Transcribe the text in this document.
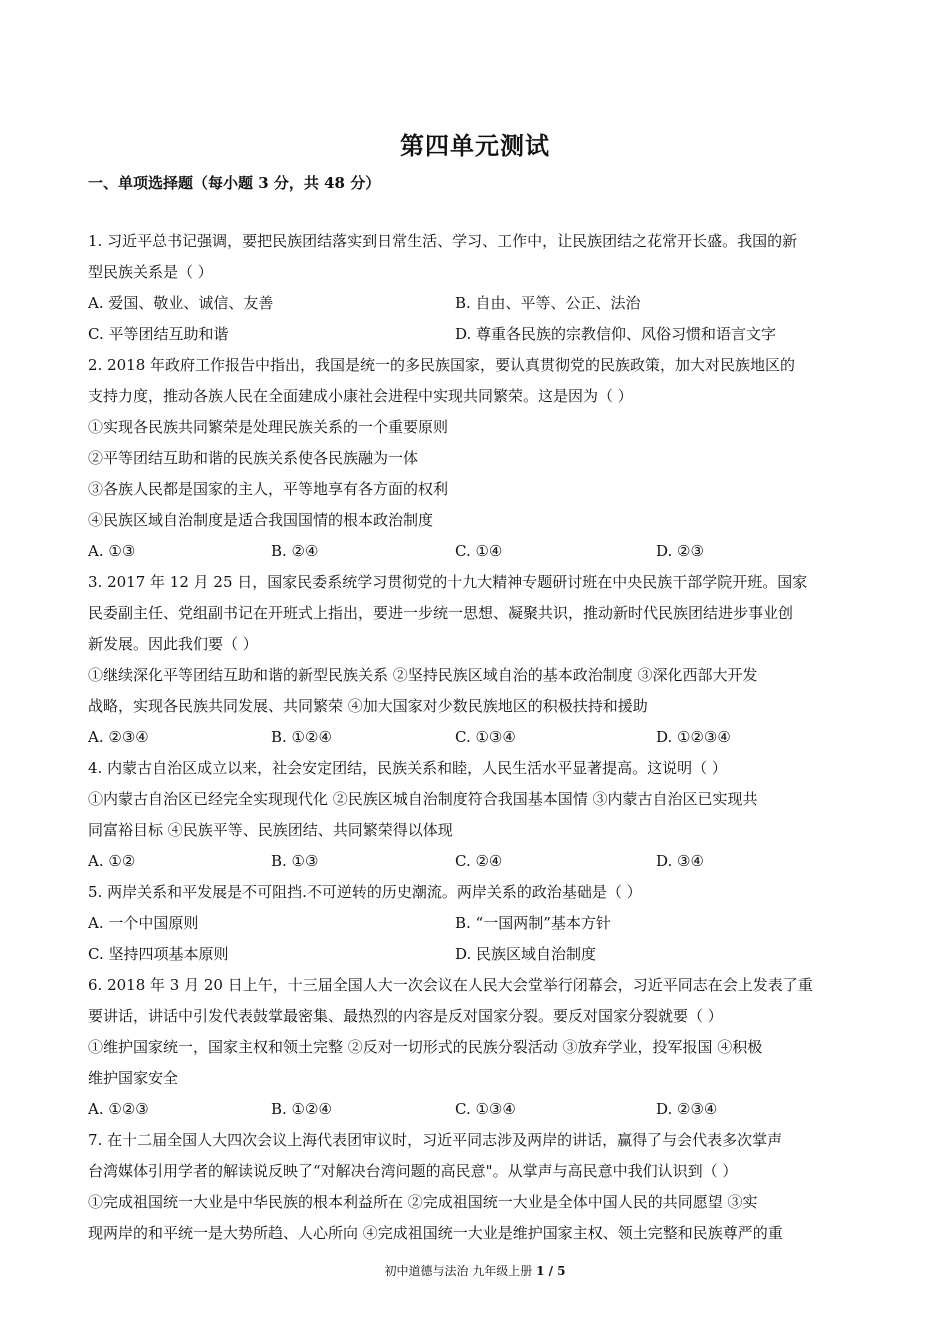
第四单元测试
一、单项选择题（每小题 3 分，共 48 分）
1. 习近平总书记强调，要把民族团结落实到日常生活、学习、工作中，让民族团结之花常开长盛。我国的新
型民族关系是（ ）
A. 爱国、敬业、诚信、友善	B. 自由、平等、公正、法治
C. 平等团结互助和谐	D. 尊重各民族的宗教信仰、风俗习惯和语言文字
2. 2018 年政府工作报告中指出，我国是统一的多民族国家，要认真贯彻党的民族政策，加大对民族地区的
支持力度，推动各族人民在全面建成小康社会进程中实现共同繁荣。这是因为（ ）
①实现各民族共同繁荣是处理民族关系的一个重要原则
②平等团结互助和谐的民族关系使各民族融为一体
③各族人民都是国家的主人，平等地享有各方面的权利
④民族区域自治制度是适合我国国情的根本政治制度
A. ①③	B. ②④	C. ①④	D. ②③
3. 2017 年 12 月 25 日，国家民委系统学习贯彻党的十九大精神专题研讨班在中央民族干部学院开班。国家
民委副主任、党组副书记在开班式上指出，要进一步统一思想、凝聚共识，推动新时代民族团结进步事业创
新发展。因此我们要（ ）
①继续深化平等团结互助和谐的新型民族关系 ②坚持民族区域自治的基本政治制度 ③深化西部大开发
战略，实现各民族共同发展、共同繁荣 ④加大国家对少数民族地区的积极扶持和援助
A. ②③④	B. ①②④	C. ①③④	D. ①②③④
4. 内蒙古自治区成立以来，社会安定团结，民族关系和睦，人民生活水平显著提高。这说明（ ）
①内蒙古自治区已经完全实现现代化 ②民族区城自治制度符合我国基本国情 ③内蒙古自治区已实现共
同富裕目标 ④民族平等、民族团结、共同繁荣得以体现
A. ①②	B. ①③	C. ②④	D. ③④
5. 两岸关系和平发展是不可阻挡.不可逆转的历史潮流。两岸关系的政治基础是（ ）
A. 一个中国原则	B. “一国两制”基本方针
C. 坚持四项基本原则	D. 民族区域自治制度
6. 2018 年 3 月 20 日上午，十三届全国人大一次会议在人民大会堂举行闭幕会，习近平同志在会上发表了重
要讲话，讲话中引发代表鼓掌最密集、最热烈的内容是反对国家分裂。要反对国家分裂就要（ ）
①维护国家统一，国家主权和领土完整 ②反对一切形式的民族分裂活动 ③放弃学业，投军报国 ④积极
维护国家安全
A. ①②③	B. ①②④	C. ①③④	D. ②③④
7. 在十二届全国人大四次会议上海代表团审议时，习近平同志涉及两岸的讲话，赢得了与会代表多次掌声
台湾媒体引用学者的解读说反映了“对解决台湾问题的高民意"。从掌声与高民意中我们认识到（ ）
①完成祖国统一大业是中华民族的根本利益所在 ②完成祖国统一大业是全体中国人民的共同愿望 ③实
现两岸的和平统一是大势所趋、人心所向 ④完成祖国统一大业是维护国家主权、领土完整和民族尊严的重
初中道德与法治 九年级上册 1 / 5
